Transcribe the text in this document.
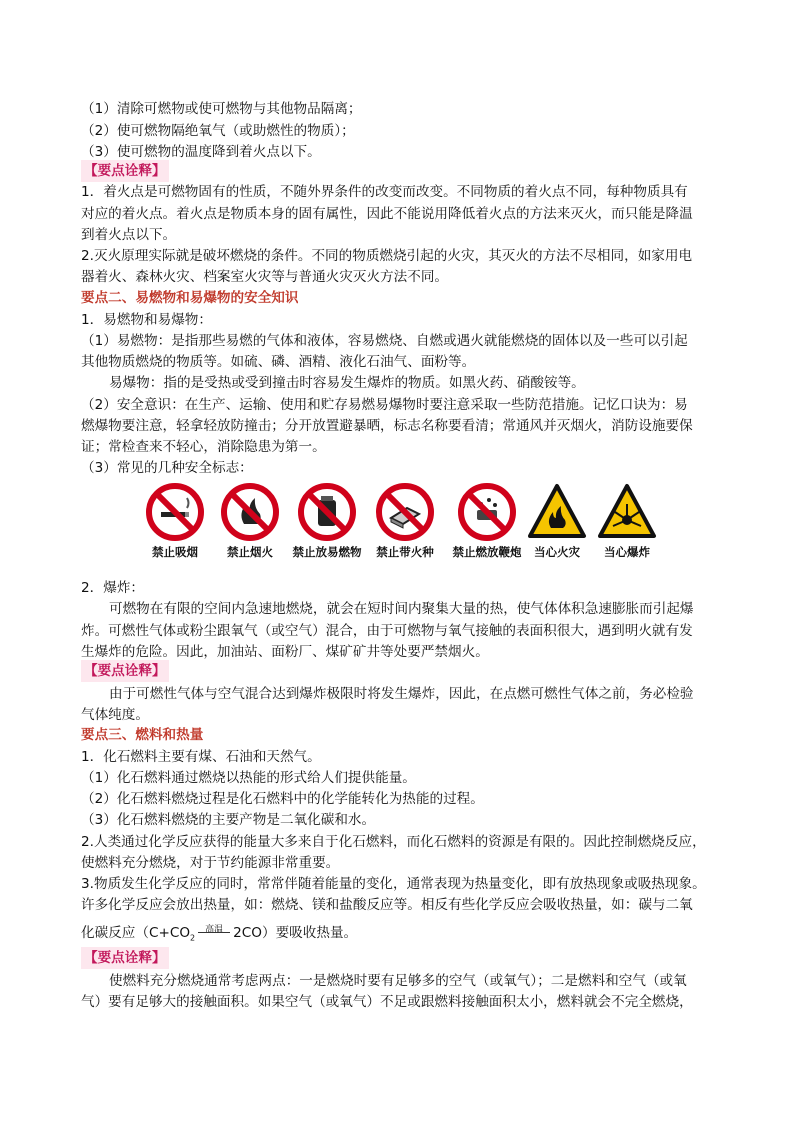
（1）清除可燃物或使可燃物与其他物品隔离；
（2）使可燃物隔绝氧气（或助燃性的物质）；
（3）使可燃物的温度降到着火点以下。
【要点诠释】
1．着火点是可燃物固有的性质，不随外界条件的改变而改变。不同物质的着火点不同，每种物质具有
对应的着火点。着火点是物质本身的固有属性，因此不能说用降低着火点的方法来灭火，而只能是降温
到着火点以下。
2.灭火原理实际就是破坏燃烧的条件。不同的物质燃烧引起的火灾，其灭火的方法不尽相同，如家用电
器着火、森林火灾、档案室火灾等与普通火灾灭火方法不同。
要点二、易燃物和易爆物的安全知识
1．易燃物和易爆物：
（1）易燃物：是指那些易燃的气体和液体，容易燃烧、自燃或遇火就能燃烧的固体以及一些可以引起
其他物质燃烧的物质等。如硫、磷、酒精、液化石油气、面粉等。
易爆物：指的是受热或受到撞击时容易发生爆炸的物质。如黑火药、硝酸铵等。
（2）安全意识：在生产、运输、使用和贮存易燃易爆物时要注意采取一些防范措施。记忆口诀为：易
燃爆物要注意，轻拿轻放防撞击；分开放置避暴晒，标志名称要看清；常通风并灭烟火，消防设施要保
证；常检查来不轻心，消除隐患为第一。
（3）常见的几种安全标志：
禁止吸烟	禁止烟火	禁止放易燃物	禁止带火种	禁止燃放鞭炮	当心火灾	当心爆炸
2．爆炸：
可燃物在有限的空间内急速地燃烧，就会在短时间内聚集大量的热，使气体体积急速膨胀而引起爆
炸。可燃性气体或粉尘跟氧气（或空气）混合，由于可燃物与氧气接触的表面积很大，遇到明火就有发
生爆炸的危险。因此，加油站、面粉厂、煤矿矿井等处要严禁烟火。
【要点诠释】
由于可燃性气体与空气混合达到爆炸极限时将发生爆炸，因此，在点燃可燃性气体之前，务必检验
气体纯度。
要点三、燃料和热量
1．化石燃料主要有煤、石油和天然气。
（1）化石燃料通过燃烧以热能的形式给人们提供能量。
（2）化石燃料燃烧过程是化石燃料中的化学能转化为热能的过程。
（3）化石燃料燃烧的主要产物是二氧化碳和水。
2.人类通过化学反应获得的能量大多来自于化石燃料，而化石燃料的资源是有限的。因此控制燃烧反应，
使燃料充分燃烧，对于节约能源非常重要。
3.物质发生化学反应的同时，常常伴随着能量的变化，通常表现为热量变化，即有放热现象或吸热现象。
许多化学反应会放出热量，如：燃烧、镁和盐酸反应等。相反有些化学反应会吸收热量，如：碳与二氧
化碳反应（$C+CO_2$
高温 2CO）要吸收热量。
【要点诠释】
使燃料充分燃烧通常考虑两点：一是燃烧时要有足够多的空气（或氧气）；二是燃料和空气（或氧
气）要有足够大的接触面积。如果空气（或氧气）不足或跟燃料接触面积太小，燃料就会不完全燃烧，
